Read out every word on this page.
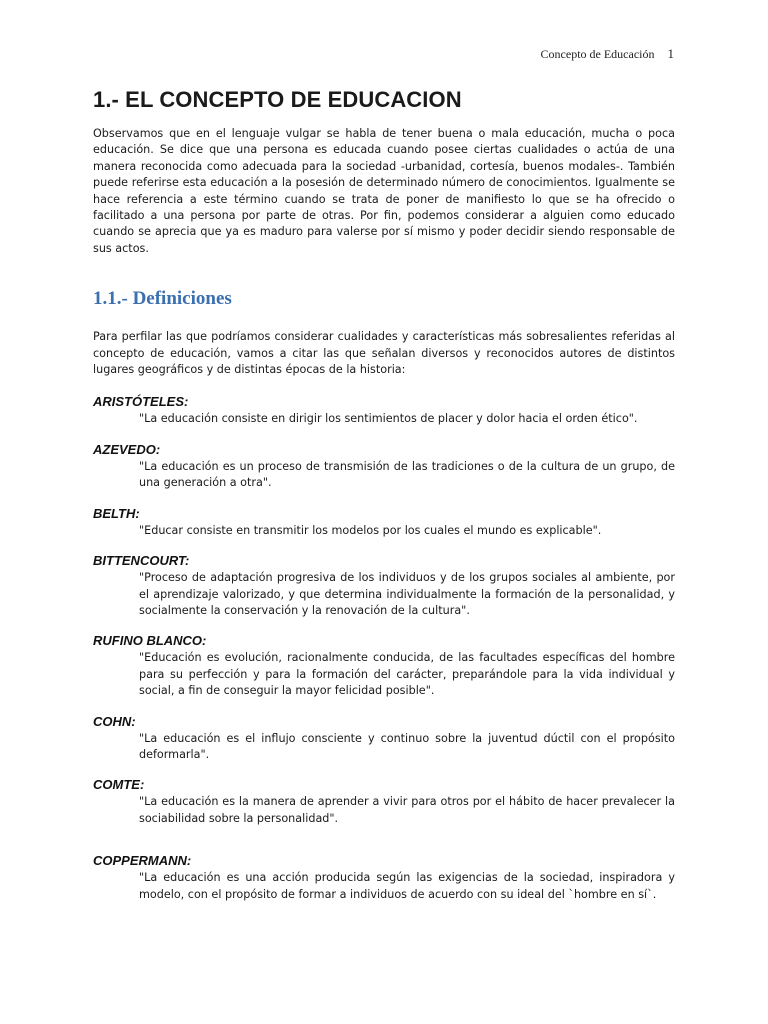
Concepto de Educación 1
1.- EL CONCEPTO DE EDUCACION

Observamos que en el lenguaje vulgar se habla de tener buena o mala educación, mucha o poca educación. Se dice que una persona es educada cuando posee ciertas cualidades o actúa de una manera reconocida como adecuada para la sociedad -urbanidad, cortesía, buenos modales-. También puede referirse esta educación a la posesión de determinado número de conocimientos. Igualmente se hace referencia a este término cuando se trata de poner de manifiesto lo que se ha ofrecido o facilitado a una persona por parte de otras. Por fin, podemos considerar a alguien como educado cuando se aprecia que ya es maduro para valerse por sí mismo y poder decidir siendo responsable de sus actos.

1.1.- Definiciones

Para perfilar las que podríamos considerar cualidades y características más sobresalientes referidas al concepto de educación, vamos a citar las que señalan diversos y reconocidos autores de distintos lugares geográficos y de distintas épocas de la historia:

ARISTÓTELES:

"La educación consiste en dirigir los sentimientos de placer y dolor hacia el orden ético".

AZEVEDO:

"La educación es un proceso de transmisión de las tradiciones o de la cultura de un grupo, de una generación a otra".

BELTH:

"Educar consiste en transmitir los modelos por los cuales el mundo es explicable".

BITTENCOURT:

"Proceso de adaptación progresiva de los individuos y de los grupos sociales al ambiente, por el aprendizaje valorizado, y que determina individualmente la formación de la personalidad, y socialmente la conservación y la renovación de la cultura".

RUFINO BLANCO:

"Educación es evolución, racionalmente conducida, de las facultades específicas del hombre para su perfección y para la formación del carácter, preparándole para la vida individual y social, a fin de conseguir la mayor felicidad posible".

COHN:

"La educación es el influjo consciente y continuo sobre la juventud dúctil con el propósito deformarla".

COMTE:

"La educación es la manera de aprender a vivir para otros por el hábito de hacer prevalecer la sociabilidad sobre la personalidad".

COPPERMANN:

"La educación es una acción producida según las exigencias de la sociedad, inspiradora y modelo, con el propósito de formar a individuos de acuerdo con su ideal del `hombre en sí`.
